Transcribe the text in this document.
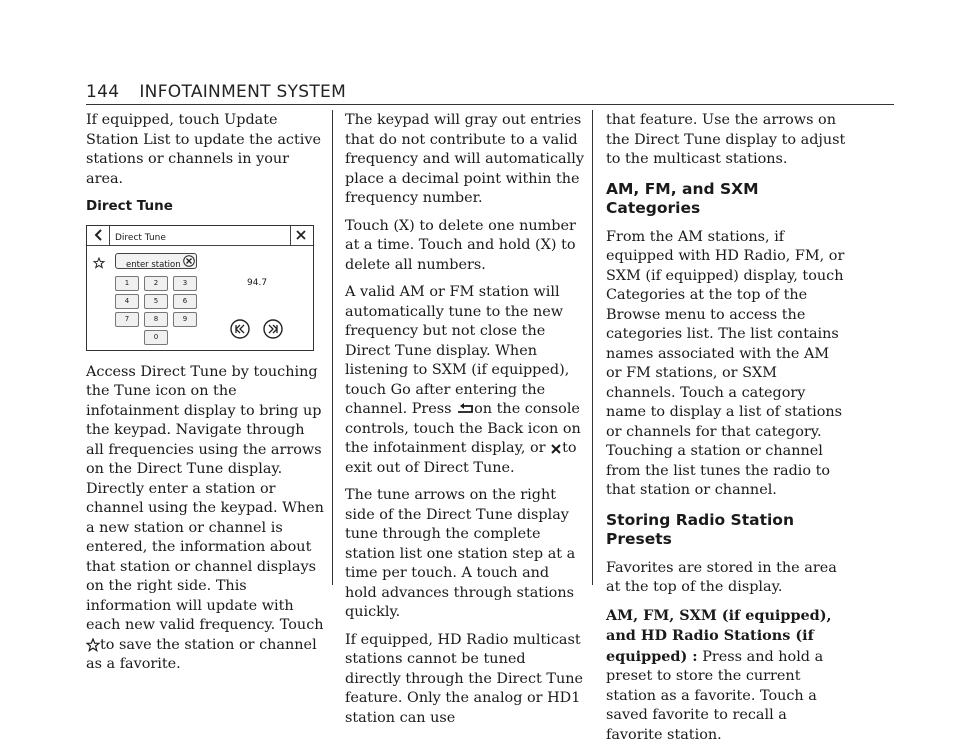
144 INFOTAINMENT SYSTEM

If equipped, touch Update Station List to update the active stations or channels in your area.

Direct Tune
Direct Tune
enter station
1	2	3
4	5	6
7	8	9
0
94.7

Access Direct Tune by touching the Tune icon on the infotainment display to bring up the keypad. Navigate through all frequencies using the arrows on the Direct Tune display. Directly enter a station or channel using the keypad. When a new station or channel is entered, the information about that station or channel displays on the right side. This information will update with each new valid frequency. Touch to save the station or channel as a favorite.

The keypad will gray out entries that do not contribute to a valid frequency and will automatically place a decimal point within the frequency number.

Touch (X) to delete one number at a time. Touch and hold (X) to delete all numbers.

A valid AM or FM station will automatically tune to the new frequency but not close the Direct Tune display. When listening to SXM (if equipped), touch Go after entering the channel. Press on the console controls, touch the Back icon on the infotainment display, or to exit out of Direct Tune.

The tune arrows on the right side of the Direct Tune display tune through the complete station list one station step at a time per touch. A touch and hold advances through stations quickly.

If equipped, HD Radio multicast stations cannot be tuned directly through the Direct Tune feature. Only the analog or HD1 station can use

that feature. Use the arrows on the Direct Tune display to adjust to the multicast stations.

AM, FM, and SXM Categories

From the AM stations, if equipped with HD Radio, FM, or SXM (if equipped) display, touch Categories at the top of the Browse menu to access the categories list. The list contains names associated with the AM or FM stations, or SXM channels. Touch a category name to display a list of stations or channels for that category. Touching a station or channel from the list tunes the radio to that station or channel.

Storing Radio Station Presets

Favorites are stored in the area at the top of the display.

AM, FM, SXM (if equipped), and HD Radio Stations (if equipped) : Press and hold a preset to store the current station as a favorite. Touch a saved favorite to recall a favorite station.
